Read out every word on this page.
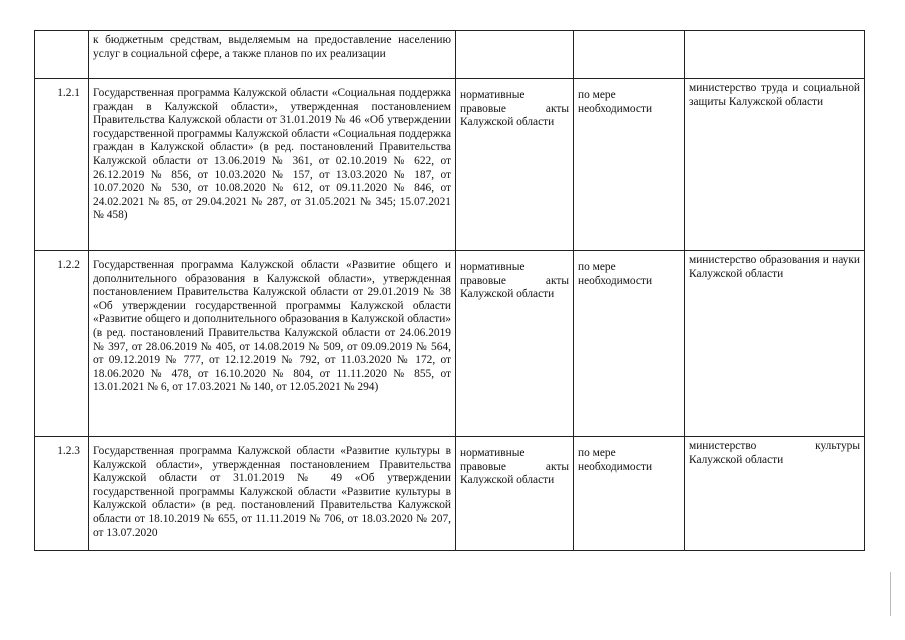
	к бюджетным средствам, выделяемым на предоставление населению услуг в социальной сфере, а также планов по их реализации			
1.2.1	Государственная программа Калужской области «Социальная поддержка граждан в Калужской области», утвержденная постановлением Правительства Калужской области от 31.01.2019 № 46 «Об утверждении государственной программы Калужской области «Социальная поддержка граждан в Калужской области» (в ред. постановлений Правительства Калужской области от 13.06.2019 № 361, от 02.10.2019 № 622, от 26.12.2019 № 856, от 10.03.2020 № 157, от 13.03.2020 № 187, от 10.07.2020 № 530, от 10.08.2020 № 612, от 09.11.2020 № 846, от 24.02.2021 № 85, от 29.04.2021 № 287, от 31.05.2021 № 345; 15.07.2021 № 458)	нормативные правовые акты Калужской области	по мере необходимости	министерство труда и социальной защиты Калужской области
1.2.2	Государственная программа Калужской области «Развитие общего и дополнительного образования в Калужской области», утвержденная постановлением Правительства Калужской области от 29.01.2019 № 38 «Об утверждении государственной программы Калужской области «Развитие общего и дополнительного образования в Калужской области» (в ред. постановлений Правительства Калужской области от 24.06.2019 № 397, от 28.06.2019 № 405, от 14.08.2019 № 509, от 09.09.2019 № 564, от 09.12.2019 № 777, от 12.12.2019 № 792, от 11.03.2020 № 172, от 18.06.2020 № 478, от 16.10.2020 № 804, от 11.11.2020 № 855, от 13.01.2021 № 6, от 17.03.2021 № 140, от 12.05.2021 № 294)	нормативные правовые акты Калужской области	по мере необходимости	министерство образования и науки Калужской области
1.2.3	Государственная программа Калужской области «Развитие культуры в Калужской области», утвержденная постановлением Правительства Калужской области от 31.01.2019 № 49 «Об утверждении государственной программы Калужской области «Развитие культуры в Калужской области» (в ред. постановлений Правительства Калужской области от 18.10.2019 № 655, от 11.11.2019 № 706, от 18.03.2020 № 207, от 13.07.2020	нормативные правовые акты Калужской области	по мере необходимости	министерство культуры Калужской области
